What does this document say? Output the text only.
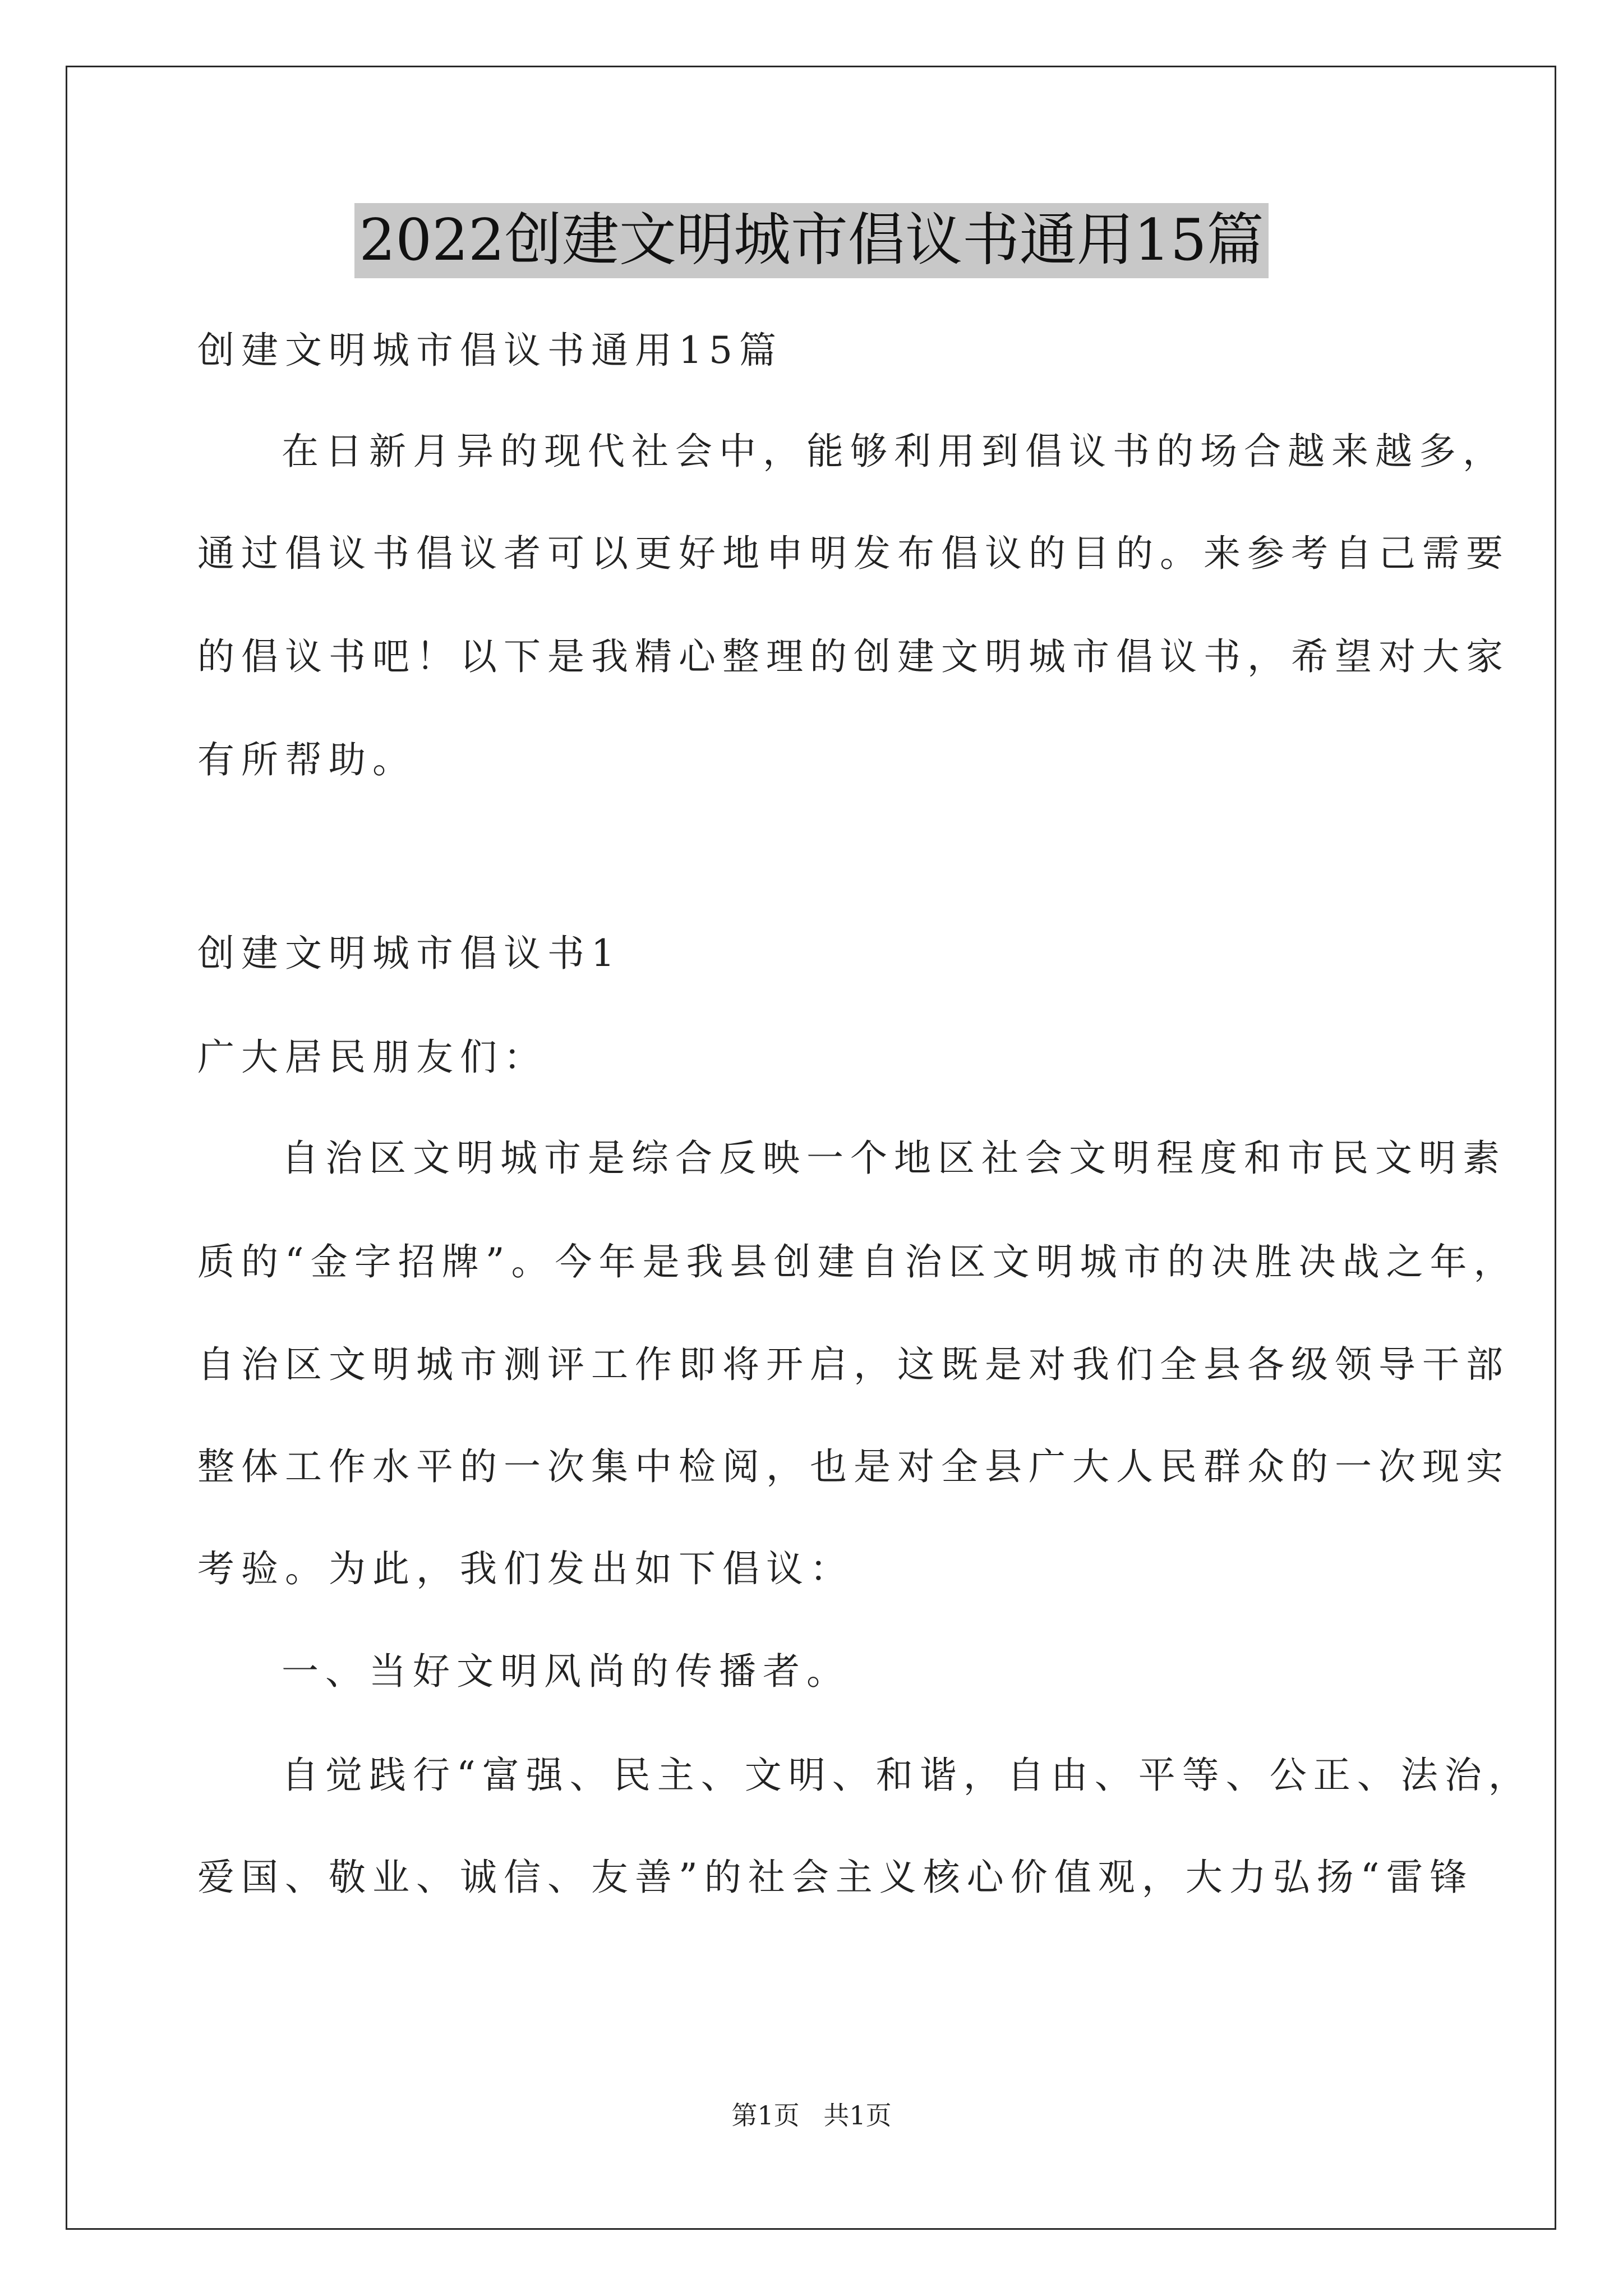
2022创建文明城市倡议书通用15篇
创建文明城市倡议书通用15篇
在日新月异的现代社会中，能够利用到倡议书的场合越来越多，
通过倡议书倡议者可以更好地申明发布倡议的目的。来参考自己需要
的倡议书吧！以下是我精心整理的创建文明城市倡议书，希望对大家
有所帮助。
创建文明城市倡议书1
广大居民朋友们：
自治区文明城市是综合反映一个地区社会文明程度和市民文明素
质的“金字招牌”。今年是我县创建自治区文明城市的决胜决战之年，
自治区文明城市测评工作即将开启，这既是对我们全县各级领导干部
整体工作水平的一次集中检阅，也是对全县广大人民群众的一次现实
考验。为此，我们发出如下倡议：
一、当好文明风尚的传播者。
自觉践行“富强、民主、文明、和谐，自由、平等、公正、法治，
爱国、敬业、诚信、友善”的社会主义核心价值观，大力弘扬“雷锋
第1页 共1页
